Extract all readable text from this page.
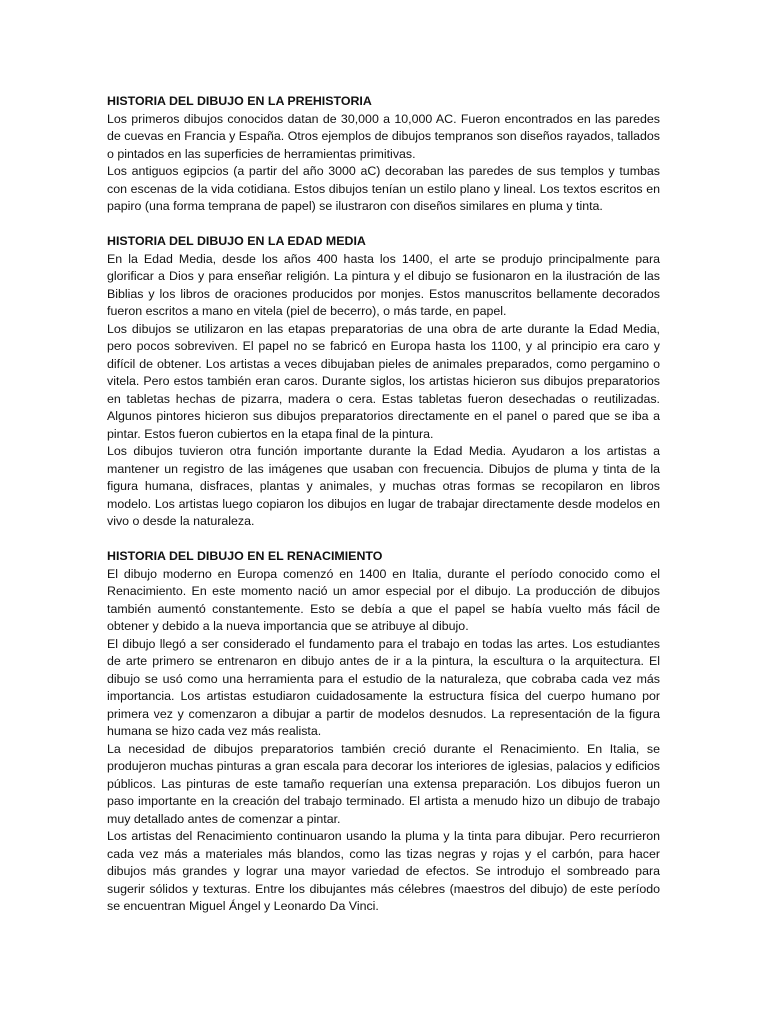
HISTORIA DEL DIBUJO EN LA PREHISTORIA

Los primeros dibujos conocidos datan de 30,000 a 10,000 AC. Fueron encontrados en las paredes de cuevas en Francia y España. Otros ejemplos de dibujos tempranos son diseños rayados, tallados o pintados en las superficies de herramientas primitivas.

Los antiguos egipcios (a partir del año 3000 aC) decoraban las paredes de sus templos y tumbas con escenas de la vida cotidiana. Estos dibujos tenían un estilo plano y lineal. Los textos escritos en papiro (una forma temprana de papel) se ilustraron con diseños similares en pluma y tinta.

HISTORIA DEL DIBUJO EN LA EDAD MEDIA

En la Edad Media, desde los años 400 hasta los 1400, el arte se produjo principalmente para glorificar a Dios y para enseñar religión. La pintura y el dibujo se fusionaron en la ilustración de las Biblias y los libros de oraciones producidos por monjes. Estos manuscritos bellamente decorados fueron escritos a mano en vitela (piel de becerro), o más tarde, en papel.

Los dibujos se utilizaron en las etapas preparatorias de una obra de arte durante la Edad Media, pero pocos sobreviven. El papel no se fabricó en Europa hasta los 1100, y al principio era caro y difícil de obtener. Los artistas a veces dibujaban pieles de animales preparados, como pergamino o vitela. Pero estos también eran caros. Durante siglos, los artistas hicieron sus dibujos preparatorios en tabletas hechas de pizarra, madera o cera. Estas tabletas fueron desechadas o reutilizadas. Algunos pintores hicieron sus dibujos preparatorios directamente en el panel o pared que se iba a pintar. Estos fueron cubiertos en la etapa final de la pintura.

Los dibujos tuvieron otra función importante durante la Edad Media. Ayudaron a los artistas a mantener un registro de las imágenes que usaban con frecuencia. Dibujos de pluma y tinta de la figura humana, disfraces, plantas y animales, y muchas otras formas se recopilaron en libros modelo. Los artistas luego copiaron los dibujos en lugar de trabajar directamente desde modelos en vivo o desde la naturaleza.

HISTORIA DEL DIBUJO EN EL RENACIMIENTO

El dibujo moderno en Europa comenzó en 1400 en Italia, durante el período conocido como el Renacimiento. En este momento nació un amor especial por el dibujo. La producción de dibujos también aumentó constantemente. Esto se debía a que el papel se había vuelto más fácil de obtener y debido a la nueva importancia que se atribuye al dibujo.

El dibujo llegó a ser considerado el fundamento para el trabajo en todas las artes. Los estudiantes de arte primero se entrenaron en dibujo antes de ir a la pintura, la escultura o la arquitectura. El dibujo se usó como una herramienta para el estudio de la naturaleza, que cobraba cada vez más importancia. Los artistas estudiaron cuidadosamente la estructura física del cuerpo humano por primera vez y comenzaron a dibujar a partir de modelos desnudos. La representación de la figura humana se hizo cada vez más realista.

La necesidad de dibujos preparatorios también creció durante el Renacimiento. En Italia, se produjeron muchas pinturas a gran escala para decorar los interiores de iglesias, palacios y edificios públicos. Las pinturas de este tamaño requerían una extensa preparación. Los dibujos fueron un paso importante en la creación del trabajo terminado. El artista a menudo hizo un dibujo de trabajo muy detallado antes de comenzar a pintar.

Los artistas del Renacimiento continuaron usando la pluma y la tinta para dibujar. Pero recurrieron cada vez más a materiales más blandos, como las tizas negras y rojas y el carbón, para hacer dibujos más grandes y lograr una mayor variedad de efectos. Se introdujo el sombreado para sugerir sólidos y texturas. Entre los dibujantes más célebres (maestros del dibujo) de este período se encuentran Miguel Ángel y Leonardo Da Vinci.
